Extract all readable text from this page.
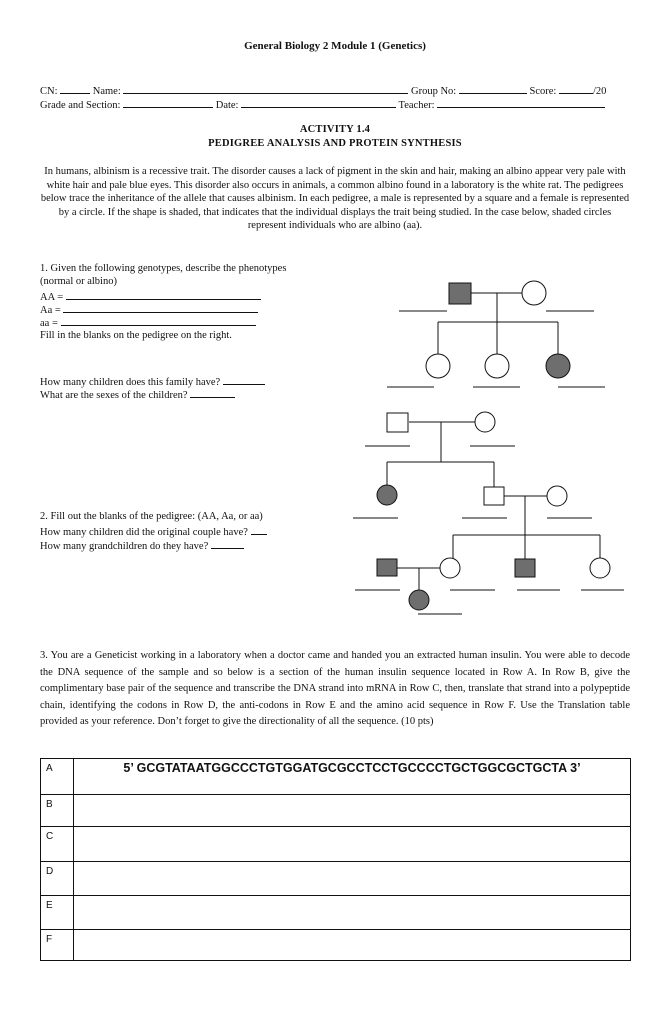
General Biology 2 Module 1 (Genetics)
CN:	Name:	Group No:	Score:	/20
Grade and Section:	Date:	Teacher:
ACTIVITY 1.4
PEDIGREE ANALYSIS AND PROTEIN SYNTHESIS
In humans, albinism is a recessive trait. The disorder causes a lack of pigment in the skin and hair, making an albino appear very pale with white hair and pale blue eyes. This disorder also occurs in animals, a common albino found in a laboratory is the white rat. The pedigrees below trace the inheritance of the allele that causes albinism. In each pedigree, a male is represented by a square and a female is represented by a circle. If the shape is shaded, that indicates that the individual displays the trait being studied. In the case below, shaded circles represent individuals who are albino (aa).
1. Given the following genotypes, describe the phenotypes
(normal or albino)
AA =
Aa =
aa =
Fill in the blanks on the pedigree on the right.
How many children does this family have?
What are the sexes of the children?
2. Fill out the blanks of the pedigree: (AA, Aa, or aa)
How many children did the original couple have?
How many grandchildren do they have?
3. You are a Geneticist working in a laboratory when a doctor came and handed you an extracted human insulin. You were able to decode the DNA sequence of the sample and so below is a section of the human insulin sequence located in Row A. In Row B, give the complimentary base pair of the sequence and transcribe the DNA strand into mRNA in Row C, then, translate that strand into a polypeptide chain, identifying the codons in Row D, the anti-codons in Row E and the amino acid sequence in Row F. Use the Translation table provided as your reference. Don’t forget to give the directionality of all the sequence. (10 pts)
A	5’ GCGTATAATGGCCCTGTGGATGCGCCTCCTGCCCCTGCTGGCGCTGCTA 3’
B	
C	
D	
E	
F	
